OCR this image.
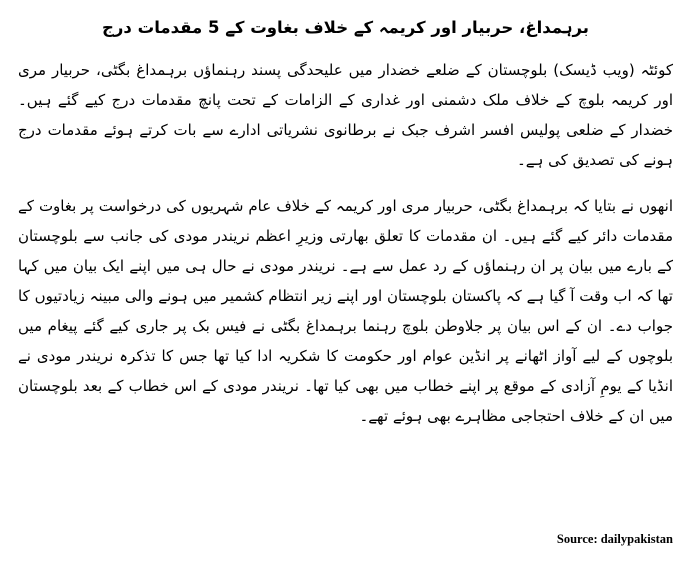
برہمداغ، حربیار اور کریمہ کے خلاف بغاوت کے 5 مقدمات درج

کوئٹہ (ویب ڈیسک) بلوچستان کے ضلعے خضدار میں علیحدگی پسند رہنماؤں برہمداغ بگٹی، حربیار مری اور کریمہ بلوچ کے خلاف ملک دشمنی اور غداری کے الزامات کے تحت پانچ مقدمات درج کیے گئے ہیں۔ خضدار کے ضلعی پولیس افسر اشرف جبک نے برطانوی نشریاتی ادارے سے بات کرتے ہوئے مقدمات درج ہونے کی تصدیق کی ہے۔

انھوں نے بتایا کہ برہمداغ بگٹی، حربیار مری اور کریمہ کے خلاف عام شہریوں کی درخواست پر بغاوت کے مقدمات دائر کیے گئے ہیں۔ ان مقدمات کا تعلق بھارتی وزیرِ اعظم نریندر مودی کی جانب سے بلوچستان کے بارے میں بیان پر ان رہنماؤں کے رد عمل سے ہے۔ نریندر مودی نے حال ہی میں اپنے ایک بیان میں کہا تھا کہ اب وقت آ گیا ہے کہ پاکستان بلوچستان اور اپنے زیر انتظام کشمیر میں ہونے والی مبینہ زیادتیوں کا جواب دے۔ ان کے اس بیان پر جلاوطن بلوچ رہنما برہمداغ بگٹی نے فیس بک پر جاری کیے گئے پیغام میں بلوچوں کے لیے آواز اٹھانے پر انڈین عوام اور حکومت کا شکریہ ادا کیا تھا جس کا تذکرہ نریندر مودی نے انڈیا کے یومِ آزادی کے موقع پر اپنے خطاب میں بھی کیا تھا۔ نریندر مودی کے اس خطاب کے بعد بلوچستان میں ان کے خلاف احتجاجی مظاہرے بھی ہوئے تھے۔

Source: dailypakistan
